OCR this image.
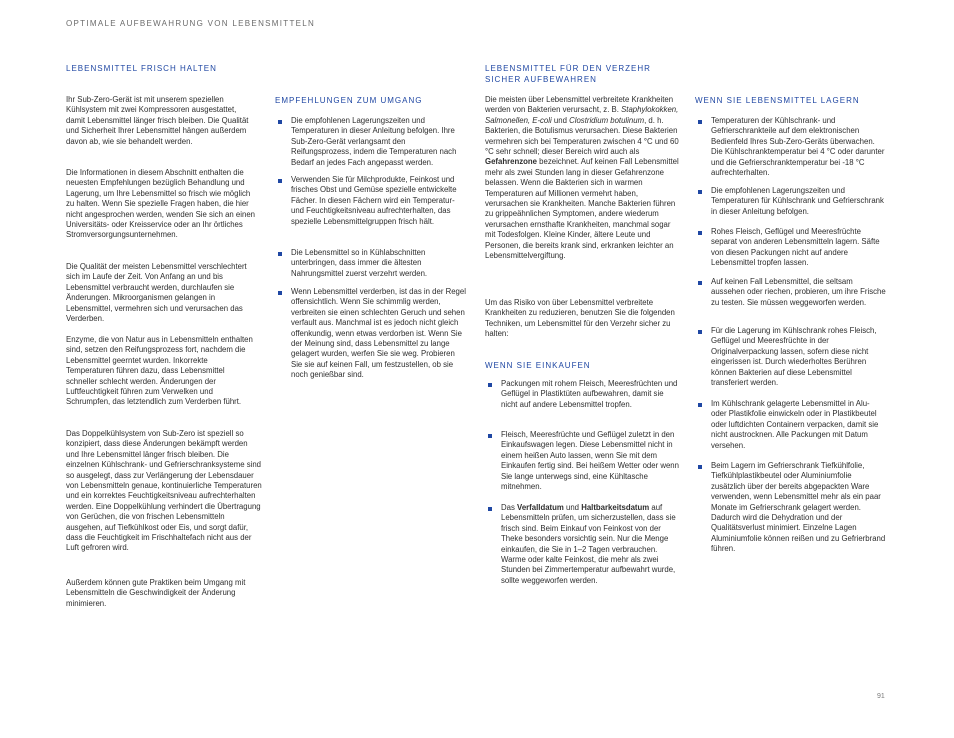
OPTIMALE AUFBEWAHRUNG VON LEBENSMITTELN
LEBENSMITTEL FRISCH HALTEN

Ihr Sub-Zero-Gerät ist mit unserem speziellen Kühlsystem mit zwei Kompressoren ausgestattet, damit Lebensmittel länger frisch bleiben. Die Qualität und Sicherheit Ihrer Lebensmittel hängen außerdem davon ab, wie sie behandelt werden.

Die Informationen in diesem Abschnitt enthalten die neuesten Empfehlungen bezüglich Behandlung und Lagerung, um Ihre Lebensmittel so frisch wie möglich zu halten. Wenn Sie spezielle Fragen haben, die hier nicht angesprochen werden, wenden Sie sich an einen Universitäts- oder Kreisservice oder an Ihr örtliches Stromversorgungsunternehmen.

Die Qualität der meisten Lebensmittel verschlechtert sich im Laufe der Zeit. Von Anfang an und bis Lebensmittel verbraucht werden, durchlaufen sie Änderungen. Mikroorganismen gelangen in Lebensmittel, vermehren sich und verursachen das Verderben.

Enzyme, die von Natur aus in Lebensmitteln enthalten sind, setzen den Reifungsprozess fort, nachdem die Lebensmittel geerntet wurden. Inkorrekte Temperaturen führen dazu, dass Lebensmittel schneller schlecht werden. Änderungen der Luftfeuchtigkeit führen zum Verwelken und Schrumpfen, das letztendlich zum Verderben führt.

Das Doppelkühlsystem von Sub-Zero ist speziell so konzipiert, dass diese Änderungen bekämpft werden und Ihre Lebensmittel länger frisch bleiben. Die einzelnen Kühlschrank- und Gefrierschranksysteme sind so ausgelegt, dass zur Verlängerung der Lebensdauer von Lebensmitteln genaue, kontinuierliche Temperaturen und ein korrektes Feuchtigkeitsniveau aufrechterhalten werden. Eine Doppelkühlung verhindert die Übertragung von Gerüchen, die von frischen Lebensmitteln ausgehen, auf Tiefkühlkost oder Eis, und sorgt dafür, dass die Feuchtigkeit im Frischhaltefach nicht aus der Luft gefroren wird.

Außerdem können gute Praktiken beim Umgang mit Lebensmitteln die Geschwindigkeit der Änderung minimieren.

EMPFEHLUNGEN ZUM UMGANG
Die empfohlenen Lagerungszeiten und Temperaturen in dieser Anleitung befolgen. Ihre Sub-Zero-Gerät verlangsamt den Reifungsprozess, indem die Temperaturen nach Bedarf an jedes Fach angepasst werden.
Verwenden Sie für Milchprodukte, Feinkost und frisches Obst und Gemüse spezielle entwickelte Fächer. In diesen Fächern wird ein Temperatur- und Feuchtigkeitsniveau aufrechterhalten, das spezielle Lebensmittelgruppen frisch hält.
Die Lebensmittel so in Kühlabschnitten unterbringen, dass immer die ältesten Nahrungsmittel zuerst verzehrt werden.
Wenn Lebensmittel verderben, ist das in der Regel offensichtlich. Wenn Sie schimmlig werden, verbreiten sie einen schlechten Geruch und sehen verfault aus. Manchmal ist es jedoch nicht gleich offenkundig, wenn etwas verdorben ist. Wenn Sie der Meinung sind, dass Lebensmittel zu lange gelagert wurden, werfen Sie sie weg. Probieren Sie sie auf keinen Fall, um festzustellen, ob sie noch genießbar sind.
LEBENSMITTEL FÜR DEN VERZEHR
SICHER AUFBEWAHREN

Die meisten über Lebensmittel verbreitete Krankheiten werden von Bakterien verursacht, z. B. Staphylokokken, Salmonellen, E-coli und Clostridium botulinum, d. h. Bakterien, die Botulismus verursachen. Diese Bakterien vermehren sich bei Temperaturen zwischen 4 °C und 60 °C sehr schnell; dieser Bereich wird auch als Gefahrenzone bezeichnet. Auf keinen Fall Lebensmittel mehr als zwei Stunden lang in dieser Gefahrenzone belassen. Wenn die Bakterien sich in warmen Temperaturen auf Millionen vermehrt haben, verursachen sie Krankheiten. Manche Bakterien führen zu grippeähnlichen Symptomen, andere wiederum verursachen ernsthafte Krankheiten, manchmal sogar mit Todesfolgen. Kleine Kinder, ältere Leute und Personen, die bereits krank sind, erkranken leichter an Lebensmittelvergiftung.

Um das Risiko von über Lebensmittel verbreitete Krankheiten zu reduzieren, benutzen Sie die folgenden Techniken, um Lebensmittel für den Verzehr sicher zu halten:

WENN SIE EINKAUFEN
Packungen mit rohem Fleisch, Meeresfrüchten und Geflügel in Plastiktüten aufbewahren, damit sie nicht auf andere Lebensmittel tropfen.
Fleisch, Meeresfrüchte und Geflügel zuletzt in den Einkaufswagen legen. Diese Lebensmittel nicht in einem heißen Auto lassen, wenn Sie mit dem Einkaufen fertig sind. Bei heißem Wetter oder wenn Sie lange unterwegs sind, eine Kühltasche mitnehmen.
Das Verfalldatum und Haltbarkeitsdatum auf Lebensmitteln prüfen, um sicherzustellen, dass sie frisch sind. Beim Einkauf von Feinkost von der Theke besonders vorsichtig sein. Nur die Menge einkaufen, die Sie in 1–2 Tagen verbrauchen. Warme oder kalte Feinkost, die mehr als zwei Stunden bei Zimmertemperatur aufbewahrt wurde, sollte weggeworfen werden.
WENN SIE LEBENSMITTEL LAGERN
Temperaturen der Kühlschrank- und Gefrierschrankteile auf dem elektronischen Bedienfeld Ihres Sub-Zero-Geräts überwachen. Die Kühlschranktemperatur bei 4 °C oder darunter und die Gefrierschranktemperatur bei -18 °C aufrechterhalten.
Die empfohlenen Lagerungszeiten und Temperaturen für Kühlschrank und Gefrierschrank in dieser Anleitung befolgen.
Rohes Fleisch, Geflügel und Meeresfrüchte separat von anderen Lebensmitteln lagern. Säfte von diesen Packungen nicht auf andere Lebensmittel tropfen lassen.
Auf keinen Fall Lebensmittel, die seltsam aussehen oder riechen, probieren, um ihre Frische zu testen. Sie müssen weggeworfen werden.
Für die Lagerung im Kühlschrank rohes Fleisch, Geflügel und Meeresfrüchte in der Originalverpackung lassen, sofern diese nicht eingerissen ist. Durch wiederholtes Berühren können Bakterien auf diese Lebensmittel transferiert werden.
Im Kühlschrank gelagerte Lebensmittel in Alu- oder Plastikfolie einwickeln oder in Plastikbeutel oder luftdichten Containern verpacken, damit sie nicht austrocknen. Alle Packungen mit Datum versehen.
Beim Lagern im Gefrierschrank Tiefkühlfolie, Tiefkühlplastikbeutel oder Aluminiumfolie zusätzlich über der bereits abgepackten Ware verwenden, wenn Lebensmittel mehr als ein paar Monate im Gefrierschrank gelagert werden. Dadurch wird die Dehydration und der Qualitätsverlust minimiert. Einzelne Lagen Aluminiumfolie können reißen und zu Gefrierbrand führen.
91
